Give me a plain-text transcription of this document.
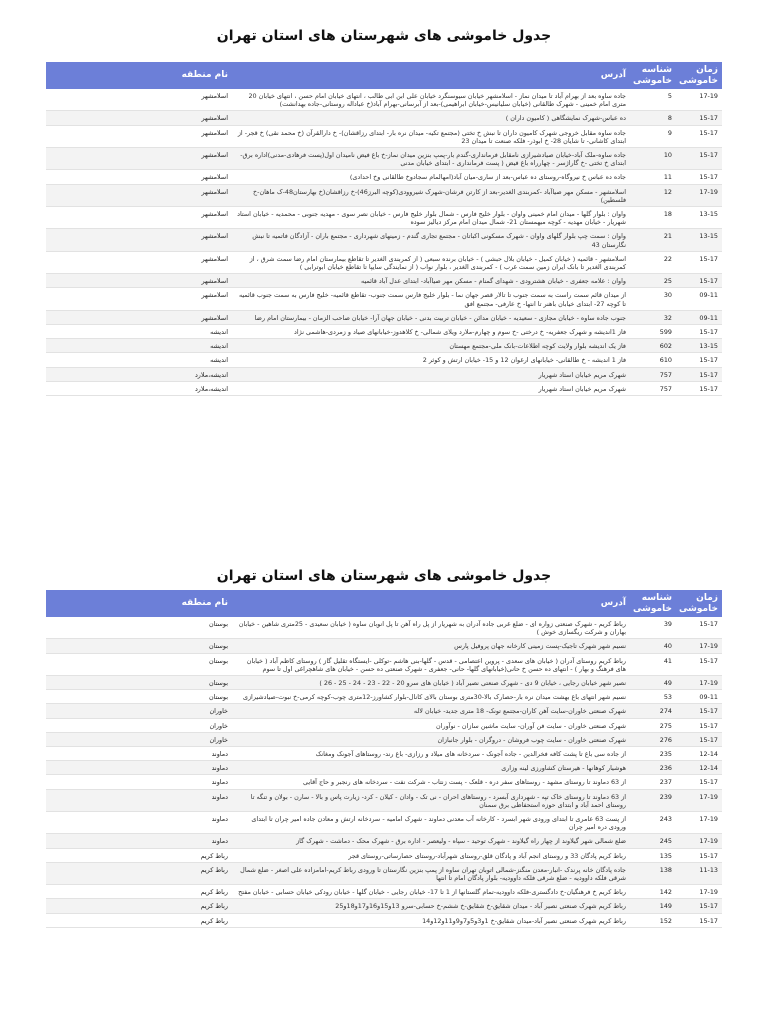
جدول خاموشی های شهرستان های استان تهران
زمان خاموشی	شناسه خاموشی	آدرس	نام منطقه
17-19	5	جاده ساوه بعد از بهرام آباد تا میدان نماز - اسلامشهر خیابان سیوسنگرد خیابان علی ابن ابی طالب ، انتهای خیابان امام حسن ، انتهای خیابان 20 متری امام خمینی - شهرک طالقانی (خیابان سلیانیس-خیابان ابراهیمی)-بعد از آبرسانی-بهرام آباد(خ عباداله روستانی-جاده بهدانشت)	اسلامشهر
15-17	8	ده عباس-شهرک نمایشگاهی ( کامیون داران )	اسلامشهر
15-17	9	جاده ساوه مقابل خروجی شهرک کامیون داران تا نبش خ تختی (مجتمع تکیه- میدان نره بار- ابتدای رزاقشان)- خ دارالقرآن (خ محمد نقی) خ قجر- از ابتدای کاشانی- تا شایان 28- خ ابوذر- فلکه صنعت تا میدان 23	اسلامشهر
15-17	10	جاده ساوه-ملک آباد-خیابان صیادشیرازی نامقابل فرمانداری-گندم بار-پمپ بنزین میدان نماز-خ باغ فیض نامیدان اول(پست فرهادی-مدنی)اداره برق-ابتدای خ تختی -خ گاراژسر - چهارراه باغ فیض ( پست فرمانداری - ابتدای خیابان مدنی	اسلامشهر
15-17	11	جاده ده عباس خ نیروگاه-روستای ده عباس-بعد از ساری-میان آباد(امهالمام سجادوخ طالقانی وخ احدادی)	اسلامشهر
17-19	12	اسلامشهر - مسکن مهر صیاآباد -کمربندی الغدیر-بعد از کارتن فرشان-شهرک شیروودی(کوچه البرز46)-خ رزاقشان(خ بهارستان48-ک ماهان-خ فلسطین)	اسلامشهر
13-15	18	واوان : بلوار گلها - میدان امام خمینی واوان - بلوار خلیج فارس - شمال بلوار خلیج فارس - خیابان نصر سوی - مهدیه جنوبی - محمدیه - خیابان استاد شهریار - خیابان مهدیه - کوچه میهمستان 21- شمال میدان امام مرکز دیالیز سوده	اسلامشهر
13-15	21	واوان : سمت چپ بلوار گلهای واوان - شهرک مسکونی اکباتان - مجتمع تجاری گندم - زمینهای شهرداری - مجتمع باران - آزادگان فاتمیه تا نبش نگارستان 43	اسلامشهر
15-17	22	اسلامشهر - قائمیه ( خیابان کمیل - خیابان بلال حبشی ) - خیابان برنده سبعی ( از کمربندی الغدیر تا تقاطع بیمارستان امام رضا سمت شرق ، از کمربندی الغدیر تا بانک ایران زمین سمت غرب ) - کمربندی الغدیر ، بلوار نواب ( از نمایندگی سایپا تا تقاطع خیابان ابوترابی )	اسلامشهر
15-17	25	واوان : علامه جعفری - خیابان هشترودی - شهدای گمنام - مسکن مهر صیاآباد- ابتدای عدل آباد قائمیه	اسلامشهر
09-11	30	از میدان قائم سمت راست به سمت جنوب تا تالار قصر جهان نما - بلوار خلیج فارس سمت جنوب- تقاطع قائمیه- خلیج فارس به سمت جنوب قائمیه تا کوچه 27- ابتدای خیابان باهنر تا انتها- خ عارفی- مجتمع افق	اسلامشهر
09-11	32	جنوب جاده ساوه - خیابان مجازی - سعیدیه - خیابان مدائن - خیابان تربیت بدنی - خیابان جهان آرا- خیابان صاحب الزمان - بیمارستان امام رضا	اسلامشهر
15-17	599	فاز 1اندیشه و شهرک جعفریه- خ درختی -خ سوم و چهارم-ملارد ویلای شمالی- خ کلاهدوز-خیابانهای صیاد و زمردی-هاشمی نژاد	اندیشه
13-15	602	فاز یک اندیشه بلوار ولایت کوچه اطلاعات-بانک ملی-مجتمع مهستان	اندیشه
15-17	610	فاز 1 اندیشه - خ طالقانی- خیابانهای ارغوان 12 و 15- خیابان ارتش و کوثر 2	اندیشه
15-17	757	شهرک مریم خیابان استاد شهریار	اندیشه،ملارد
15-17	757	شهرک مریم خیابان استاد شهریار	اندیشه،ملارد
جدول خاموشی های شهرستان های استان تهران
زمان خاموشی	شناسه خاموشی	آدرس	نام منطقه
15-17	39	رباط کریم - شهرک صنعتی زواره ای - ضلع غربی جاده آدران به شهریار از پل راه آهن تا پل انوبان ساوه ( خیابان سعیدی - 25متری شاهین - خیابان بهاران و شرکت ریگسازی خوش )	بوستان
17-19	40	نسیم شهر شهرک تاجیک-پست زمینی کارخانه جهان پروفیل پارس	بوستان
15-17	41	رباط کریم روستای آدران ( خیابان های سعدی - پروین اعتصامی - قدس - گلها-بنی هاشم -توکلی -ایستگاه تقلیل گاز ) روستای کاظم آباد ( خیابان های فرهنگ و بهار ) - انتهای ده حسن خ حانی(خیابانهای گلها- حانی- جعفری - شهرک صنعتی ده حسن - خیابان های شاهچراغی اول تا سوم	بوستان
17-19	49	نصیر شهر خیابان رجایی ، خیابان 9 دی - شهرک صنعتی نصیر آباد ( خیابان های سرو 20 - 22 - 23 - 24 - 25 - 26 )	بوستان
09-11	53	نسیم شهر انتهای باغ بهشت میدان نره بار-حصارک بالا-30متری بوستان بالای کانال-بلوار کشاورز-12متری چوب-کوچه کرمی-خ نبوت-صیادشیرازی	بوستان
15-17	274	شهرک صنعتی خاوران-سایت آهن کاران-مجتمع تونک- 18 متری جدید- خیابان لاله	خاوران
15-17	275	شهرک صنعتی خاوران - سایت فن آوران- سایت ماشین سازان - نوآوران	خاوران
15-17	276	شهرک صنعتی خاوران - سایت چوب فروشان - دروگران - بلوار جانبازان	خاوران
12-14	235	از جاده سی باغ تا پشت کافه فخرالدین - جاده آجونک - سردخانه های میلاد و رزازی- باغ رند- روستاهای آجونک ومغانک	دماوند
12-14	236	هوشیار کوهانها - هیرستان کشاورزی لینه وزاری	دماوند
15-17	237	از 63 دماوند تا روستای مشهد - روستاهای سفر دره - قلعک - پست زنتاب - شرکت نفت - سردخانه های رنجبر و حاج آقایی	دماوند
17-19	239	از 63 دماوند تا روستای خاک تپه - شهرداری آبسرد - روستاهای احران - نی تک - وادان - کیلان - کرد- زیارت پاس و بالا - سارن - بولان و تنگه تا روستای احمد آباد و ابتدای حوزه استحفاظی برق سمنان	دماوند
17-19	243	از پست 63 عامری تا ابتدای ورودی شهر ابسرد - کارخانه آب معدنی دماوند - شهرک امامیه - سردخانه ارتش و معادن جاده امیر چران تا ابتدای ورودی دره امیر چران	دماوند
17-19	245	ضلع شمالی شهر گیلاوند از چهار راه گیلاوند - شهرک توحید - سپاه - ولیعصر - اداره برق - شهرک محک - دماشت - شهرک گاز	دماوند
15-17	135	رباط کریم پادگان 33 و روستای انجم آباد و پادگان قلق-روستای شهرآباد-روستای حصارساتی-روستای قجر	رباط کریم
11-13	138	جاده پادگان خانه پرندک -انبار-معدن منگنز-شمالی اتوبان تهران ساوه از پمپ بنزین نگارستان تا ورودی رباط کریم-امامزاده علی اصغر - ضلع شمال شرقی فلکه داوودیه - ضلع شرقی فلکه داوودیه- بلوار پادگان امام تا انتها	رباط کریم
17-19	142	رباط کریم خ فرهنگیان-خ دادگستری-فلکه داوودیه-تمام گلستانها از 1 تا 17- خیابان رجایی - خیابان گلها - خیابان رودکی خیابان حسابی - خیابان مفتح	رباط کریم
15-17	149	رباط کریم شهرک صنعتی نصیر آباد - میدان شقایق-خ شقایق-خ ششم-خ حسابی-سرو 13و15و16و17و18و25	رباط کریم
15-17	152	رباط کریم شهرک صنعتی نصیر آباد-میدان شقایق-خ 1و3و5و7و9و11و12و14	رباط کریم
